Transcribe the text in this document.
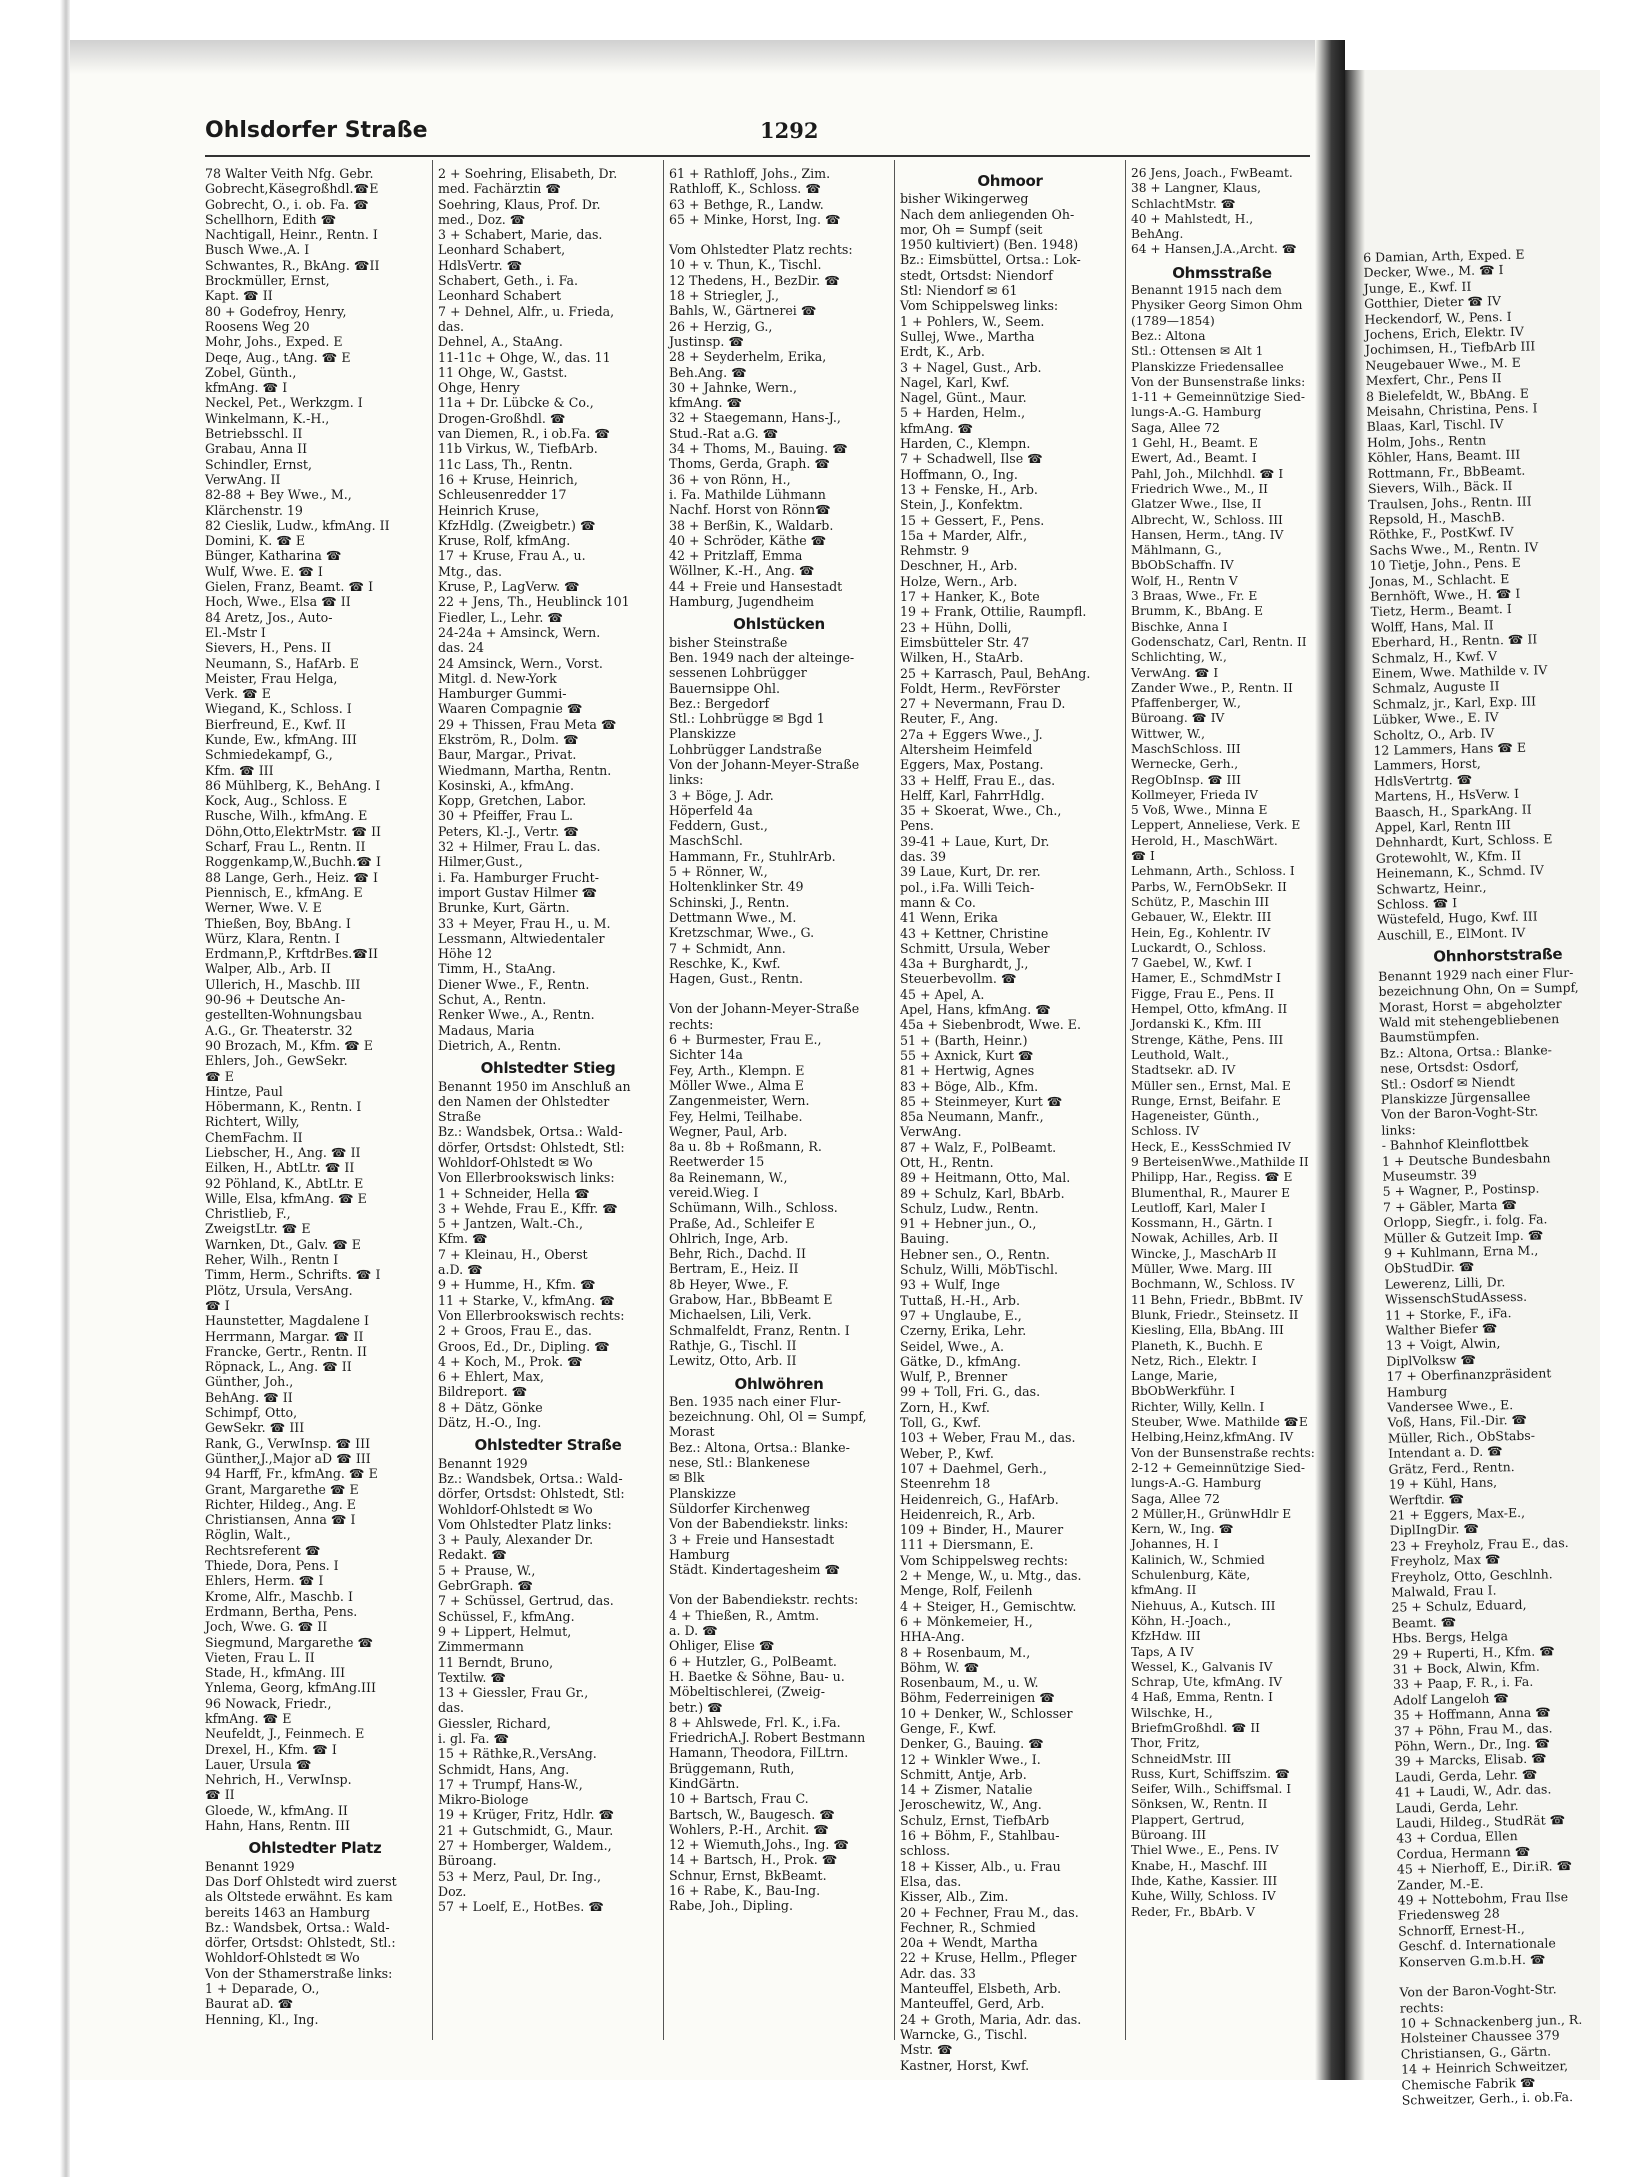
Ohlsdorfer Straße	1292
78 Walter Veith Nfg. Gebr.
Gobrecht,Käsegroßhdl.☎E
Gobrecht, O., i. ob. Fa. ☎
Schellhorn, Edith ☎
Nachtigall, Heinr., Rentn. I
Busch Wwe.,A. I
Schwantes, R., BkAng. ☎II
Brockmüller, Ernst,
Kapt. ☎ II
80 + Godefroy, Henry,
Roosens Weg 20
Mohr, Johs., Exped. E
Deqe, Aug., tAng. ☎ E
Zobel, Günth.,
kfmAng. ☎ I
Neckel, Pet., Werkzgm. I
Winkelmann, K.-H.,
Betriebsschl. II
Grabau, Anna II
Schindler, Ernst,
VerwAng. II
82-88 + Bey Wwe., M.,
Klärchenstr. 19
82 Cieslik, Ludw., kfmAng. II
Domini, K. ☎ E
Bünger, Katharina ☎
Wulf, Wwe. E. ☎ I
Gielen, Franz, Beamt. ☎ I
Hoch, Wwe., Elsa ☎ II
84 Aretz, Jos., Auto-
El.-Mstr I
Sievers, H., Pens. II
Neumann, S., HafArb. E
Meister, Frau Helga,
Verk. ☎ E
Wiegand, K., Schloss. I
Bierfreund, E., Kwf. II
Kunde, Ew., kfmAng. III
Schmiedekampf, G.,
Kfm. ☎ III
86 Mühlberg, K., BehAng. I
Kock, Aug., Schloss. E
Rusche, Wilh., kfmAng. E
Döhn,Otto,ElektrMstr. ☎ II
Scharf, Frau L., Rentn. II
Roggenkamp,W.,Buchh.☎ I
88 Lange, Gerh., Heiz. ☎ I
Piennisch, E., kfmAng. E
Werner, Wwe. V. E
Thießen, Boy, BbAng. I
Würz, Klara, Rentn. I
Erdmann,P., KrftdrBes.☎II
Walper, Alb., Arb. II
Ullerich, H., Maschb. III
90-96 + Deutsche An-
gestellten-Wohnungsbau
A.G., Gr. Theaterstr. 32
90 Brozach, M., Kfm. ☎ E
Ehlers, Joh., GewSekr.
☎ E
Hintze, Paul
Höbermann, K., Rentn. I
Richtert, Willy,
ChemFachm. II
Liebscher, H., Ang. ☎ II
Eilken, H., AbtLtr. ☎ II
92 Pöhland, K., AbtLtr. E
Wille, Elsa, kfmAng. ☎ E
Christlieb, F.,
ZweigstLtr. ☎ E
Warnken, Dt., Galv. ☎ E
Reher, Wilh., Rentn I
Timm, Herm., Schrifts. ☎ I
Plötz, Ursula, VersAng.
☎ I
Haunstetter, Magdalene I
Herrmann, Margar. ☎ II
Francke, Gertr., Rentn. II
Röpnack, L., Ang. ☎ II
Günther, Joh.,
BehAng. ☎ II
Schimpf, Otto,
GewSekr. ☎ III
Rank, G., VerwInsp. ☎ III
Günther,J.,Major aD ☎ III
94 Harff, Fr., kfmAng. ☎ E
Grant, Margarethe ☎ E
Richter, Hildeg., Ang. E
Christiansen, Anna ☎ I
Röglin, Walt.,
Rechtsreferent ☎
Thiede, Dora, Pens. I
Ehlers, Herm. ☎ I
Krome, Alfr., Maschb. I
Erdmann, Bertha, Pens.
Joch, Wwe. G. ☎ II
Siegmund, Margarethe ☎
Vieten, Frau L. II
Stade, H., kfmAng. III
Ynlema, Georg, kfmAng.III
96 Nowack, Friedr.,
kfmAng. ☎ E
Neufeldt, J., Feinmech. E
Drexel, H., Kfm. ☎ I
Lauer, Ursula ☎
Nehrich, H., VerwInsp.
☎ II
Gloede, W., kfmAng. II
Hahn, Hans, Rentn. III
Ohlstedter Platz
Benannt 1929
Das Dorf Ohlstedt wird zuerst
als Oltstede erwähnt. Es kam
bereits 1463 an Hamburg
Bz.: Wandsbek, Ortsa.: Wald-
dörfer, Ortsdst: Ohlstedt, Stl.:
Wohldorf-Ohlstedt ✉ Wo
Von der Sthamerstraße links:
1 + Deparade, O.,
Baurat aD. ☎
Henning, Kl., Ing.
2 + Soehring, Elisabeth, Dr.
med. Fachärztin ☎
Soehring, Klaus, Prof. Dr.
med., Doz. ☎
3 + Schabert, Marie, das.
Leonhard Schabert,
HdlsVertr. ☎
Schabert, Geth., i. Fa.
Leonhard Schabert
7 + Dehnel, Alfr., u. Frieda,
das.
Dehnel, A., StaAng.
11-11c + Ohge, W., das. 11
11 Ohge, W., Gastst.
Ohge, Henry
11a + Dr. Lübcke & Co.,
Drogen-Großhdl. ☎
van Diemen, R., i ob.Fa. ☎
11b Virkus, W., TiefbArb.
11c Lass, Th., Rentn.
16 + Kruse, Heinrich,
Schleusenredder 17
Heinrich Kruse,
KfzHdlg. (Zweigbetr.) ☎
Kruse, Rolf, kfmAng.
17 + Kruse, Frau A., u.
Mtg., das.
Kruse, P., LagVerw. ☎
22 + Jens, Th., Heublinck 101
Fiedler, L., Lehr. ☎
24-24a + Amsinck, Wern.
das. 24
24 Amsinck, Wern., Vorst.
Mitgl. d. New-York
Hamburger Gummi-
Waaren Compagnie ☎
29 + Thissen, Frau Meta ☎
Ekström, R., Dolm. ☎
Baur, Margar., Privat.
Wiedmann, Martha, Rentn.
Kosinski, A., kfmAng.
Kopp, Gretchen, Labor.
30 + Pfeiffer, Frau L.
Peters, Kl.-J., Vertr. ☎
32 + Hilmer, Frau L. das.
Hilmer,Gust.,
i. Fa. Hamburger Frucht-
import Gustav Hilmer ☎
Brunke, Kurt, Gärtn.
33 + Meyer, Frau H., u. M.
Lessmann, Altwiedentaler
Höhe 12
Timm, H., StaAng.
Diener Wwe., F., Rentn.
Schut, A., Rentn.
Renker Wwe., A., Rentn.
Madaus, Maria
Dietrich, A., Rentn.
Ohlstedter Stieg
Benannt 1950 im Anschluß an
den Namen der Ohlstedter
Straße
Bz.: Wandsbek, Ortsa.: Wald-
dörfer, Ortsdst: Ohlstedt, Stl:
Wohldorf-Ohlstedt ✉ Wo
Von Ellerbrookswisch links:
1 + Schneider, Hella ☎
3 + Wehde, Frau E., Kffr. ☎
5 + Jantzen, Walt.-Ch.,
Kfm. ☎
7 + Kleinau, H., Oberst
a.D. ☎
9 + Humme, H., Kfm. ☎
11 + Starke, V., kfmAng. ☎
Von Ellerbrookswisch rechts:
2 + Groos, Frau E., das.
Groos, Ed., Dr., Dipling. ☎
4 + Koch, M., Prok. ☎
6 + Ehlert, Max,
Bildreport. ☎
8 + Dätz, Gönke
Dätz, H.-O., Ing.
Ohlstedter Straße
Benannt 1929
Bz.: Wandsbek, Ortsa.: Wald-
dörfer, Ortsdst: Ohlstedt, Stl:
Wohldorf-Ohlstedt ✉ Wo
Vom Ohlstedter Platz links:
3 + Pauly, Alexander Dr.
Redakt. ☎
5 + Prause, W.,
GebrGraph. ☎
7 + Schüssel, Gertrud, das.
Schüssel, F., kfmAng.
9 + Lippert, Helmut,
Zimmermann
11 Berndt, Bruno,
Textilw. ☎
13 + Giessler, Frau Gr.,
das.
Giessler, Richard,
i. gl. Fa. ☎
15 + Räthke,R.,VersAng.
Schmidt, Hans, Ang.
17 + Trumpf, Hans-W.,
Mikro-Biologe
19 + Krüger, Fritz, Hdlr. ☎
21 + Gutschmidt, G., Maur.
27 + Homberger, Waldem.,
Büroang.
53 + Merz, Paul, Dr. Ing.,
Doz.
57 + Loelf, E., HotBes. ☎
61 + Rathloff, Johs., Zim.
Rathloff, K., Schloss. ☎
63 + Bethge, R., Landw.
65 + Minke, Horst, Ing. ☎
Vom Ohlstedter Platz rechts:
10 + v. Thun, K., Tischl.
12 Thedens, H., BezDir. ☎
18 + Striegler, J.,
Bahls, W., Gärtnerei ☎
26 + Herzig, G.,
Justinsp. ☎
28 + Seyderhelm, Erika,
Beh.Ang. ☎
30 + Jahnke, Wern.,
kfmAng. ☎
32 + Staegemann, Hans-J.,
Stud.-Rat a.G. ☎
34 + Thoms, M., Bauing. ☎
Thoms, Gerda, Graph. ☎
36 + von Rönn, H.,
i. Fa. Mathilde Lühmann
Nachf. Horst von Rönn☎
38 + Berßin, K., Waldarb.
40 + Schröder, Käthe ☎
42 + Pritzlaff, Emma
Wöllner, K.-H., Ang. ☎
44 + Freie und Hansestadt
Hamburg, Jugendheim
Ohlstücken
bisher Steinstraße
Ben. 1949 nach der alteinge-
sessenen Lohbrügger
Bauernsippe Ohl.
Bez.: Bergedorf
Stl.: Lohbrügge ✉ Bgd 1
Planskizze
Lohbrügger Landstraße
Von der Johann-Meyer-Straße
links:
3 + Böge, J. Adr.
Höperfeld 4a
Feddern, Gust.,
MaschSchl.
Hammann, Fr., StuhlrArb.
5 + Rönner, W.,
Holtenklinker Str. 49
Schinski, J., Rentn.
Dettmann Wwe., M.
Kretzschmar, Wwe., G.
7 + Schmidt, Ann.
Reschke, K., Kwf.
Hagen, Gust., Rentn.
Von der Johann-Meyer-Straße
rechts:
6 + Burmester, Frau E.,
Sichter 14a
Fey, Arth., Klempn. E
Möller Wwe., Alma E
Zangenmeister, Wern.
Fey, Helmi, Teilhabe.
Wegner, Paul, Arb.
8a u. 8b + Roßmann, R.
Reetwerder 15
8a Reinemann, W.,
vereid.Wieg. I
Schümann, Wilh., Schloss.
Praße, Ad., Schleifer E
Ohlrich, Inge, Arb.
Behr, Rich., Dachd. II
Bertram, E., Heiz. II
8b Heyer, Wwe., F.
Grabow, Har., BbBeamt E
Michaelsen, Lili, Verk.
Schmalfeldt, Franz, Rentn. I
Rathje, G., Tischl. II
Lewitz, Otto, Arb. II
Ohlwöhren
Ben. 1935 nach einer Flur-
bezeichnung. Ohl, Ol = Sumpf,
Morast
Bez.: Altona, Ortsa.: Blanke-
nese, Stl.: Blankenese
✉ Blk
Planskizze
Süldorfer Kirchenweg
Von der Babendiekstr. links:
3 + Freie und Hansestadt
Hamburg
Städt. Kindertagesheim ☎
Von der Babendiekstr. rechts:
4 + Thießen, R., Amtm.
a. D. ☎
Ohliger, Elise ☎
6 + Hutzler, G., PolBeamt.
H. Baetke & Söhne, Bau- u.
Möbeltischlerei, (Zweig-
betr.) ☎
8 + Ahlswede, Frl. K., i.Fa.
FriedrichA.J. Robert Bestmann
Hamann, Theodora, FilLtrn.
Brüggemann, Ruth,
KindGärtn.
10 + Bartsch, Frau C.
Bartsch, W., Baugesch. ☎
Wohlers, P.-H., Archit. ☎
12 + Wiemuth,Johs., Ing. ☎
14 + Bartsch, H., Prok. ☎
Schnur, Ernst, BkBeamt.
16 + Rabe, K., Bau-Ing.
Rabe, Joh., Dipling.
Ohmoor
bisher Wikingerweg
Nach dem anliegenden Oh-
mor, Oh = Sumpf (seit
1950 kultiviert) (Ben. 1948)
Bz.: Eimsbüttel, Ortsa.: Lok-
stedt, Ortsdst: Niendorf
Stl: Niendorf ✉ 61
Vom Schippelsweg links:
1 + Pohlers, W., Seem.
Sullej, Wwe., Martha
Erdt, K., Arb.
3 + Nagel, Gust., Arb.
Nagel, Karl, Kwf.
Nagel, Günt., Maur.
5 + Harden, Helm.,
kfmAng. ☎
Harden, C., Klempn.
7 + Schadwell, Ilse ☎
Hoffmann, O., Ing.
13 + Fenske, H., Arb.
Stein, J., Konfektm.
15 + Gessert, F., Pens.
15a + Marder, Alfr.,
Rehmstr. 9
Deschner, H., Arb.
Holze, Wern., Arb.
17 + Hanker, K., Bote
19 + Frank, Ottilie, Raumpfl.
23 + Hühn, Dolli,
Eimsbütteler Str. 47
Wilken, H., StaArb.
25 + Karrasch, Paul, BehAng.
Foldt, Herm., RevFörster
27 + Nevermann, Frau D.
Reuter, F., Ang.
27a + Eggers Wwe., J.
Altersheim Heimfeld
Eggers, Max, Postang.
33 + Helff, Frau E., das.
Helff, Karl, FahrrHdlg.
35 + Skoerat, Wwe., Ch.,
Pens.
39-41 + Laue, Kurt, Dr.
das. 39
39 Laue, Kurt, Dr. rer.
pol., i.Fa. Willi Teich-
mann & Co.
41 Wenn, Erika
43 + Kettner, Christine
Schmitt, Ursula, Weber
43a + Burghardt, J.,
Steuerbevollm. ☎
45 + Apel, A.
Apel, Hans, kfmAng. ☎
45a + Siebenbrodt, Wwe. E.
51 + (Barth, Heinr.)
55 + Axnick, Kurt ☎
81 + Hertwig, Agnes
83 + Böge, Alb., Kfm.
85 + Steinmeyer, Kurt ☎
85a Neumann, Manfr.,
VerwAng.
87 + Walz, F., PolBeamt.
Ott, H., Rentn.
89 + Heitmann, Otto, Mal.
89 + Schulz, Karl, BbArb.
Schulz, Ludw., Rentn.
91 + Hebner jun., O.,
Bauing.
Hebner sen., O., Rentn.
Schulz, Willi, MöbTischl.
93 + Wulf, Inge
Tuttaß, H.-H., Arb.
97 + Unglaube, E.,
Czerny, Erika, Lehr.
Seidel, Wwe., A.
Gätke, D., kfmAng.
Wulf, P., Brenner
99 + Toll, Fri. G., das.
Zorn, H., Kwf.
Toll, G., Kwf.
103 + Weber, Frau M., das.
Weber, P., Kwf.
107 + Daehmel, Gerh.,
Steenrehm 18
Heidenreich, G., HafArb.
Heidenreich, R., Arb.
109 + Binder, H., Maurer
111 + Diersmann, E.
Vom Schippelsweg rechts:
2 + Menge, W., u. Mtg., das.
Menge, Rolf, Feilenh
4 + Steiger, H., Gemischtw.
6 + Mönkemeier, H.,
HHA-Ang.
8 + Rosenbaum, M.,
Böhm, W. ☎
Rosenbaum, M., u. W.
Böhm, Federreinigen ☎
10 + Denker, W., Schlosser
Genge, F., Kwf.
Denker, G., Bauing. ☎
12 + Winkler Wwe., I.
Schmitt, Antje, Arb.
14 + Zismer, Natalie
Jeroschewitz, W., Ang.
Schulz, Ernst, TiefbArb
16 + Böhm, F., Stahlbau-
schloss.
18 + Kisser, Alb., u. Frau
Elsa, das.
Kisser, Alb., Zim.
20 + Fechner, Frau M., das.
Fechner, R., Schmied
20a + Wendt, Martha
22 + Kruse, Hellm., Pfleger
Adr. das. 33
Manteuffel, Elsbeth, Arb.
Manteuffel, Gerd, Arb.
24 + Groth, Maria, Adr. das.
Warncke, G., Tischl.
Mstr. ☎
Kastner, Horst, Kwf.
26 Jens, Joach., FwBeamt.
38 + Langner, Klaus,
SchlachtMstr. ☎
40 + Mahlstedt, H.,
BehAng.
64 + Hansen,J.A.,Archt. ☎
Ohmsstraße
Benannt 1915 nach dem
Physiker Georg Simon Ohm
(1789—1854)
Bez.: Altona
Stl.: Ottensen ✉ Alt 1
Planskizze Friedensallee
Von der Bunsenstraße links:
1-11 + Gemeinnützige Sied-
lungs-A.-G. Hamburg
Saga, Allee 72
1 Gehl, H., Beamt. E
Ewert, Ad., Beamt. I
Pahl, Joh., Milchhdl. ☎ I
Friedrich Wwe., M., II
Glatzer Wwe., Ilse, II
Albrecht, W., Schloss. III
Hansen, Herm., tAng. IV
Mählmann, G.,
BbObSchaffn. IV
Wolf, H., Rentn V
3 Braas, Wwe., Fr. E
Brumm, K., BbAng. E
Bischke, Anna I
Godenschatz, Carl, Rentn. II
Schlichting, W.,
VerwAng. ☎ I
Zander Wwe., P., Rentn. II
Pfaffenberger, W.,
Büroang. ☎ IV
Wittwer, W.,
MaschSchloss. III
Wernecke, Gerh.,
RegObInsp. ☎ III
Kollmeyer, Frieda IV
5 Voß, Wwe., Minna E
Leppert, Anneliese, Verk. E
Herold, H., MaschWärt.
☎ I
Lehmann, Arth., Schloss. I
Parbs, W., FernObSekr. II
Schütz, P., Maschin III
Gebauer, W., Elektr. III
Hein, Eg., Kohlentr. IV
Luckardt, O., Schloss.
7 Gaebel, W., Kwf. I
Hamer, E., SchmdMstr I
Figge, Frau E., Pens. II
Hempel, Otto, kfmAng. II
Jordanski K., Kfm. III
Strenge, Käthe, Pens. III
Leuthold, Walt.,
Stadtsekr. aD. IV
Müller sen., Ernst, Mal. E
Runge, Ernst, Beifahr. E
Hageneister, Günth.,
Schloss. IV
Heck, E., KessSchmied IV
9 BerteisenWwe.,Mathilde II
Philipp, Har., Regiss. ☎ E
Blumenthal, R., Maurer E
Leutloff, Karl, Maler I
Kossmann, H., Gärtn. I
Nowak, Achilles, Arb. II
Wincke, J., MaschArb II
Müller, Wwe. Marg. III
Bochmann, W., Schloss. IV
11 Behn, Friedr., BbBmt. IV
Blunk, Friedr., Steinsetz. II
Kiesling, Ella, BbAng. III
Planeth, K., Buchh. E
Netz, Rich., Elektr. I
Lange, Marie,
BbObWerkführ. I
Richter, Willy, Kelln. I
Steuber, Wwe. Mathilde ☎E
Helbing,Heinz,kfmAng. IV
Von der Bunsenstraße rechts:
2-12 + Gemeinnützige Sied-
lungs-A.-G. Hamburg
Saga, Allee 72
2 Müller,H., GrünwHdlr E
Kern, W., Ing. ☎
Johannes, H. I
Kalinich, W., Schmied
Schulenburg, Käte,
kfmAng. II
Niehuus, A., Kutsch. III
Köhn, H.-Joach.,
KfzHdw. III
Taps, A IV
Wessel, K., Galvanis IV
Schrap, Ute, kfmAng. IV
4 Haß, Emma, Rentn. I
Wilschke, H.,
BriefmGroßhdl. ☎ II
Thor, Fritz,
SchneidMstr. III
Russ, Kurt, Schiffszim. ☎
Seifer, Wilh., Schiffsmal. I
Sönksen, W., Rentn. II
Plappert, Gertrud,
Büroang. III
Thiel Wwe., E., Pens. IV
Knabe, H., Maschf. III
Ihde, Kathe, Kassier. III
Kuhe, Willy, Schloss. IV
Reder, Fr., BbArb. V
6 Damian, Arth, Exped. E
Decker, Wwe., M. ☎ I
Junge, E., Kwf. II
Gotthier, Dieter ☎ IV
Heckendorf, W., Pens. I
Jochens, Erich, Elektr. IV
Jochimsen, H., TiefbArb III
Neugebauer Wwe., M. E
Mexfert, Chr., Pens II
8 Bielefeldt, W., BbAng. E
Meisahn, Christina, Pens. I
Blaas, Karl, Tischl. IV
Holm, Johs., Rentn
Köhler, Hans, Beamt. III
Rottmann, Fr., BbBeamt.
Sievers, Wilh., Bäck. II
Traulsen, Johs., Rentn. III
Repsold, H., MaschB.
Röthke, F., PostKwf. IV
Sachs Wwe., M., Rentn. IV
10 Tietje, John., Pens. E
Jonas, M., Schlacht. E
Bernhöft, Wwe., H. ☎ I
Tietz, Herm., Beamt. I
Wolff, Hans, Mal. II
Eberhard, H., Rentn. ☎ II
Schmalz, H., Kwf. V
Einem, Wwe. Mathilde v. IV
Schmalz, Auguste II
Schmalz, jr., Karl, Exp. III
Lübker, Wwe., E. IV
Scholtz, O., Arb. IV
12 Lammers, Hans ☎ E
Lammers, Horst,
HdlsVertrtg. ☎
Martens, H., HsVerw. I
Baasch, H., SparkAng. II
Appel, Karl, Rentn III
Dehnhardt, Kurt, Schloss. E
Grotewohlt, W., Kfm. II
Heinemann, K., Schmd. IV
Schwartz, Heinr.,
Schloss. ☎ I
Wüstefeld, Hugo, Kwf. III
Auschill, E., ElMont. IV
Ohnhorststraße
Benannt 1929 nach einer Flur-
bezeichnung Ohn, On = Sumpf,
Morast, Horst = abgeholzter
Wald mit stehengebliebenen
Baumstümpfen.
Bz.: Altona, Ortsa.: Blanke-
nese, Ortsdst: Osdorf,
Stl.: Osdorf ✉ Niendt
Planskizze Jürgensallee
Von der Baron-Voght-Str.
links:
- Bahnhof Kleinflottbek
1 + Deutsche Bundesbahn
Museumstr. 39
5 + Wagner, P., Postinsp.
7 + Gäbler, Marta ☎
Orlopp, Siegfr., i. folg. Fa.
Müller & Gutzeit Imp. ☎
9 + Kuhlmann, Erna M.,
ObStudDir. ☎
Lewerenz, Lilli, Dr.
WissenschStudAssess.
11 + Storke, F., iFa.
Walther Biefer ☎
13 + Voigt, Alwin,
DiplVolksw ☎
17 + Oberfinanzpräsident
Hamburg
Vandersee Wwe., E.
Voß, Hans, Fil.-Dir. ☎
Müller, Rich., ObStabs-
Intendant a. D. ☎
Grätz, Ferd., Rentn.
19 + Kühl, Hans,
Werftdir. ☎
21 + Eggers, Max-E.,
DiplIngDir. ☎
23 + Freyholz, Frau E., das.
Freyholz, Max ☎
Freyholz, Otto, Geschlnh.
Malwald, Frau I.
25 + Schulz, Eduard,
Beamt. ☎
Hbs. Bergs, Helga
29 + Ruperti, H., Kfm. ☎
31 + Bock, Alwin, Kfm.
33 + Paap, F. R., i. Fa.
Adolf Langeloh ☎
35 + Hoffmann, Anna ☎
37 + Pöhn, Frau M., das.
Pöhn, Wern., Dr., Ing. ☎
39 + Marcks, Elisab. ☎
Laudi, Gerda, Lehr. ☎
41 + Laudi, W., Adr. das.
Laudi, Gerda, Lehr.
Laudi, Hildeg., StudRät ☎
43 + Cordua, Ellen
Cordua, Hermann ☎
45 + Nierhoff, E., Dir.iR. ☎
Zander, M.-E.
49 + Nottebohm, Frau Ilse
Friedensweg 28
Schnorff, Ernest-H.,
Geschf. d. Internationale
Konserven G.m.b.H. ☎
Von der Baron-Voght-Str.
rechts:
10 + Schnackenberg jun., R.
Holsteiner Chaussee 379
Christiansen, G., Gärtn.
14 + Heinrich Schweitzer,
Chemische Fabrik ☎
Schweitzer, Gerh., i. ob.Fa.
